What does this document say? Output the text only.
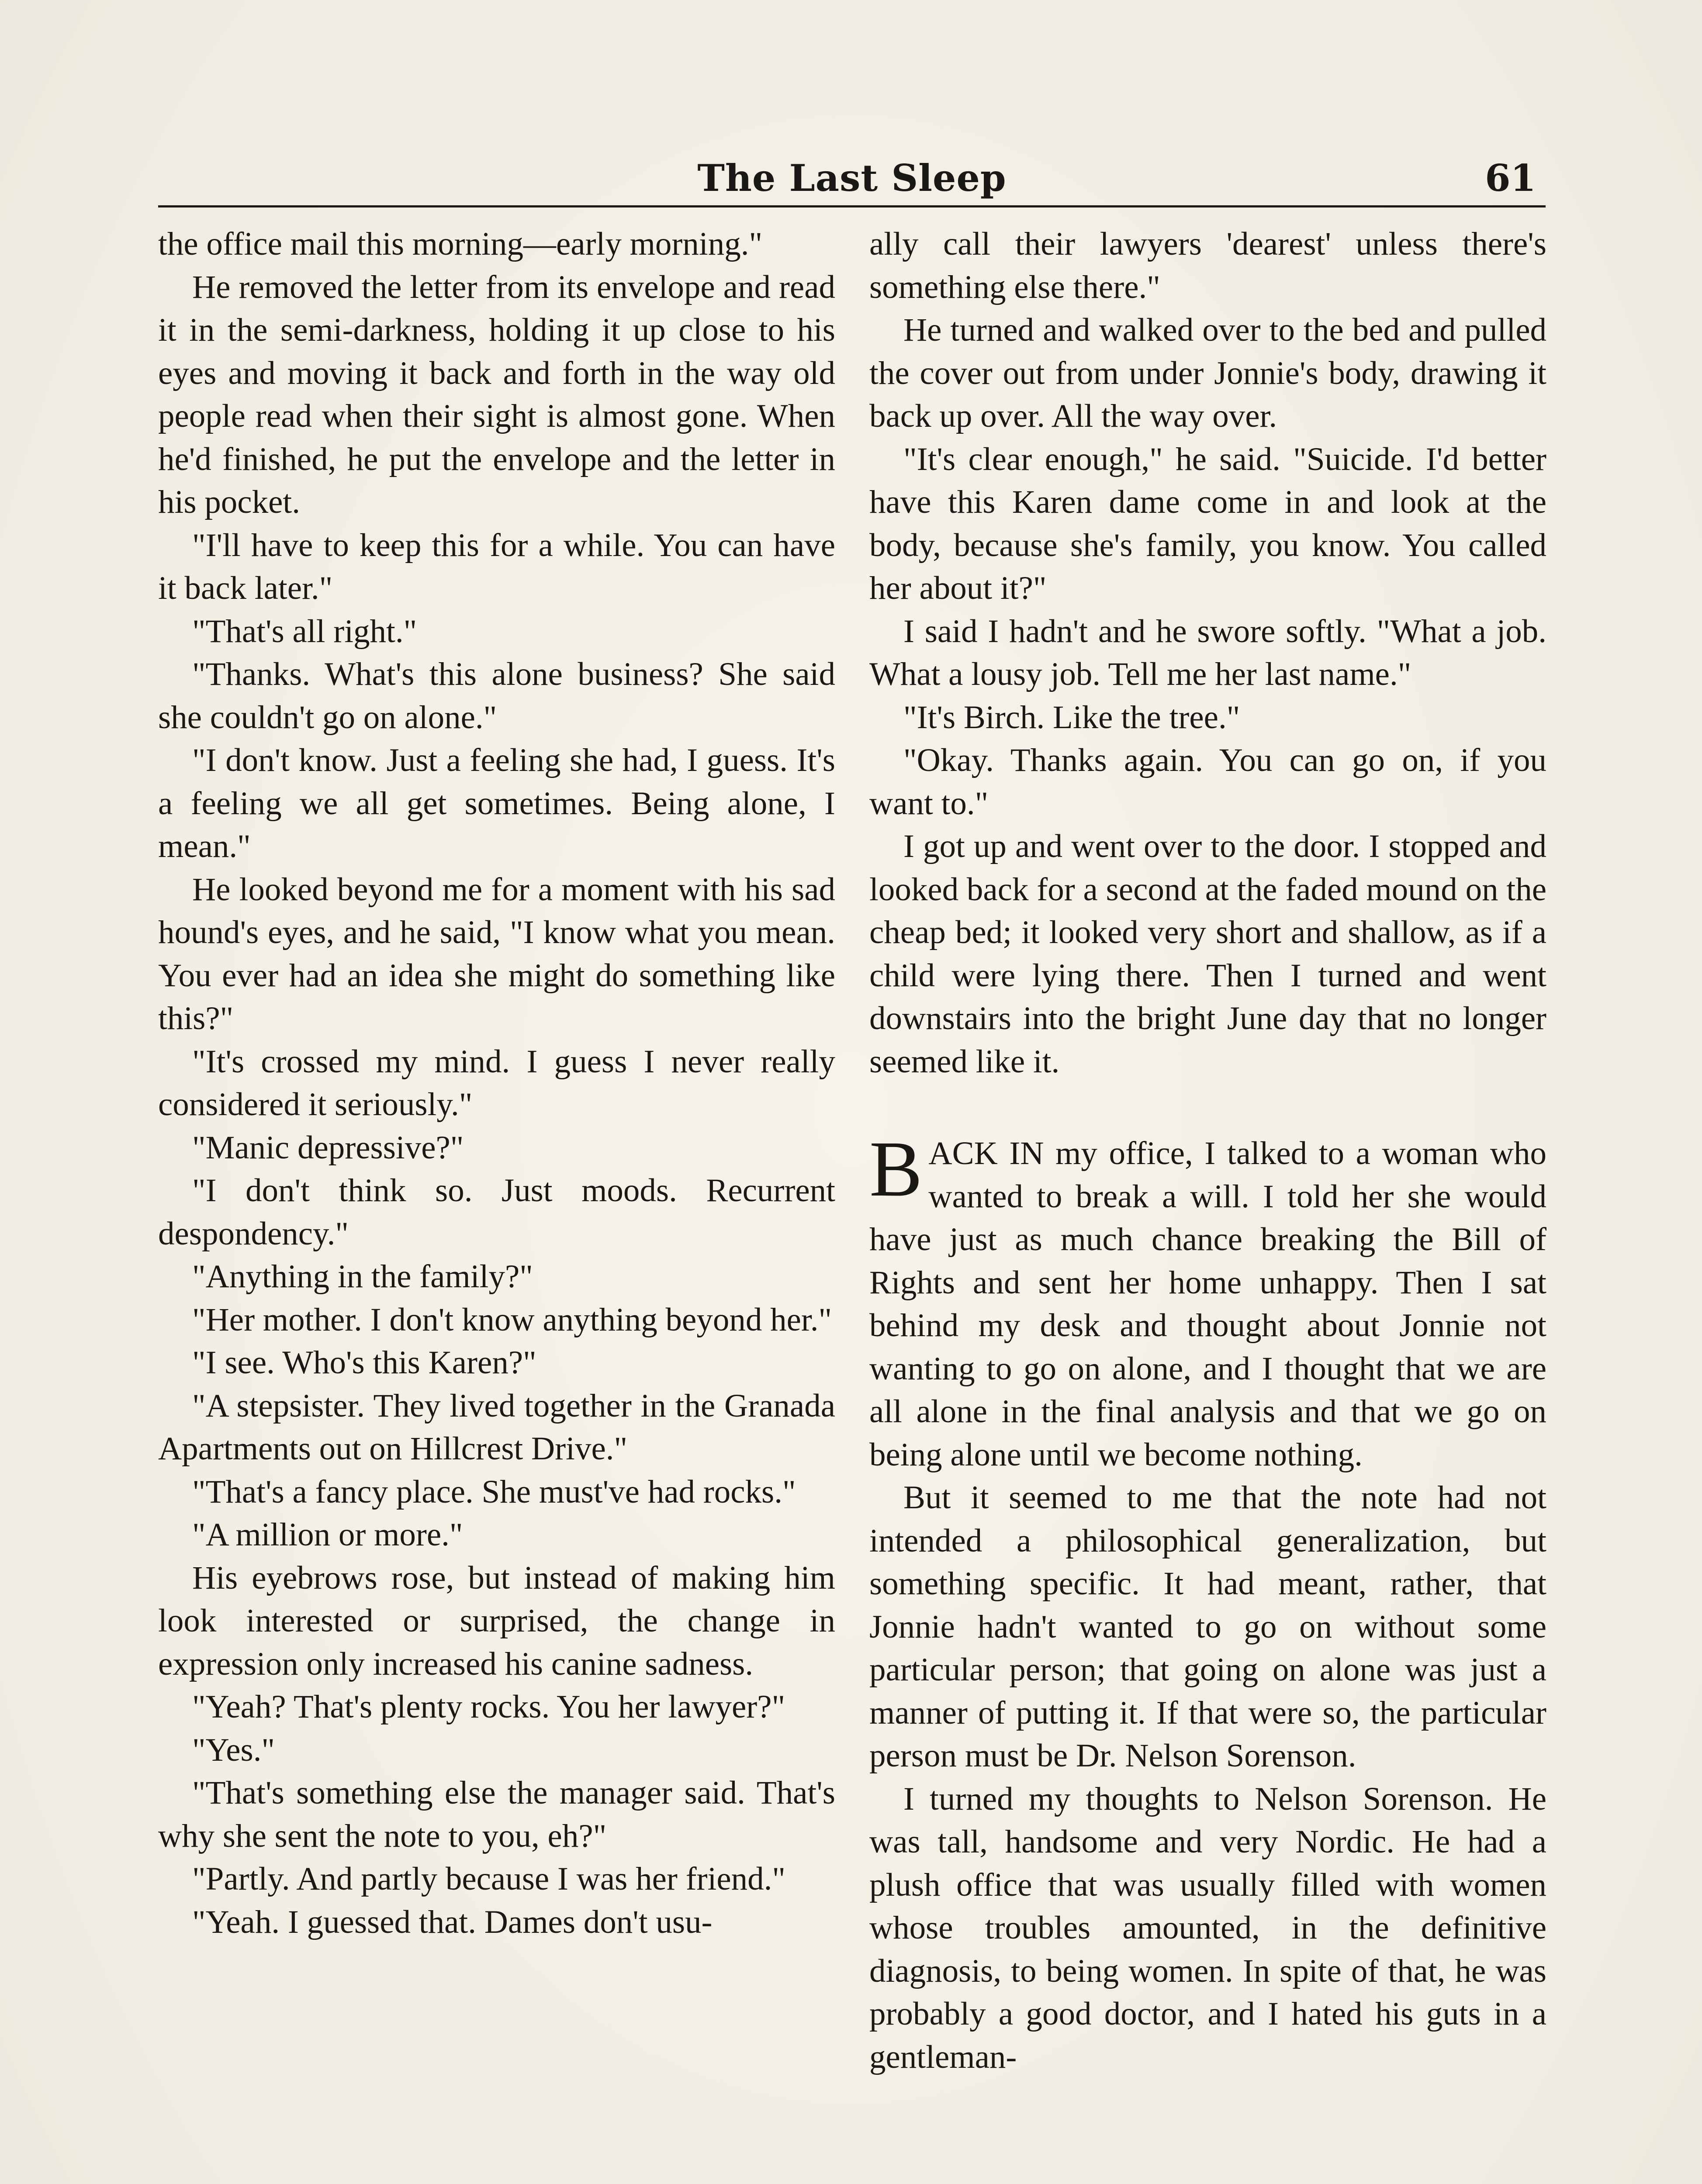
The Last Sleep	61

the office mail this morning—early morning."

He removed the letter from its envelope and read it in the semi-darkness, holding it up close to his eyes and moving it back and forth in the way old people read when their sight is almost gone. When he'd finished, he put the envelope and the letter in his pocket.

"I'll have to keep this for a while. You can have it back later."

"That's all right."

"Thanks. What's this alone business? She said she couldn't go on alone."

"I don't know. Just a feeling she had, I guess. It's a feeling we all get sometimes. Being alone, I mean."

He looked beyond me for a moment with his sad hound's eyes, and he said, "I know what you mean. You ever had an idea she might do something like this?"

"It's crossed my mind. I guess I never really considered it seriously."

"Manic depressive?"

"I don't think so. Just moods. Recurrent despondency."

"Anything in the family?"

"Her mother. I don't know anything beyond her."

"I see. Who's this Karen?"

"A stepsister. They lived together in the Granada Apartments out on Hillcrest Drive."

"That's a fancy place. She must've had rocks."

"A million or more."

His eyebrows rose, but instead of making him look interested or surprised, the change in expression only increased his canine sadness.

"Yeah? That's plenty rocks. You her lawyer?"

"Yes."

"That's something else the manager said. That's why she sent the note to you, eh?"

"Partly. And partly because I was her friend."

"Yeah. I guessed that. Dames don't usu-

ally call their lawyers 'dearest' unless there's something else there."

He turned and walked over to the bed and pulled the cover out from under Jonnie's body, drawing it back up over. All the way over.

"It's clear enough," he said. "Suicide. I'd better have this Karen dame come in and look at the body, because she's family, you know. You called her about it?"

I said I hadn't and he swore softly. "What a job. What a lousy job. Tell me her last name."

"It's Birch. Like the tree."

"Okay. Thanks again. You can go on, if you want to."

I got up and went over to the door. I stopped and looked back for a second at the faded mound on the cheap bed; it looked very short and shallow, as if a child were lying there. Then I turned and went downstairs into the bright June day that no longer seemed like it.

BACK IN my office, I talked to a woman who wanted to break a will. I told her she would have just as much chance breaking the Bill of Rights and sent her home unhappy. Then I sat behind my desk and thought about Jonnie not wanting to go on alone, and I thought that we are all alone in the final analysis and that we go on being alone until we become nothing.

But it seemed to me that the note had not intended a philosophical generalization, but something specific. It had meant, rather, that Jonnie hadn't wanted to go on without some particular person; that going on alone was just a manner of putting it. If that were so, the particular person must be Dr. Nelson Sorenson.

I turned my thoughts to Nelson Sorenson. He was tall, handsome and very Nordic. He had a plush office that was usually filled with women whose troubles amounted, in the definitive diagnosis, to being women. In spite of that, he was probably a good doctor, and I hated his guts in a gentleman-
